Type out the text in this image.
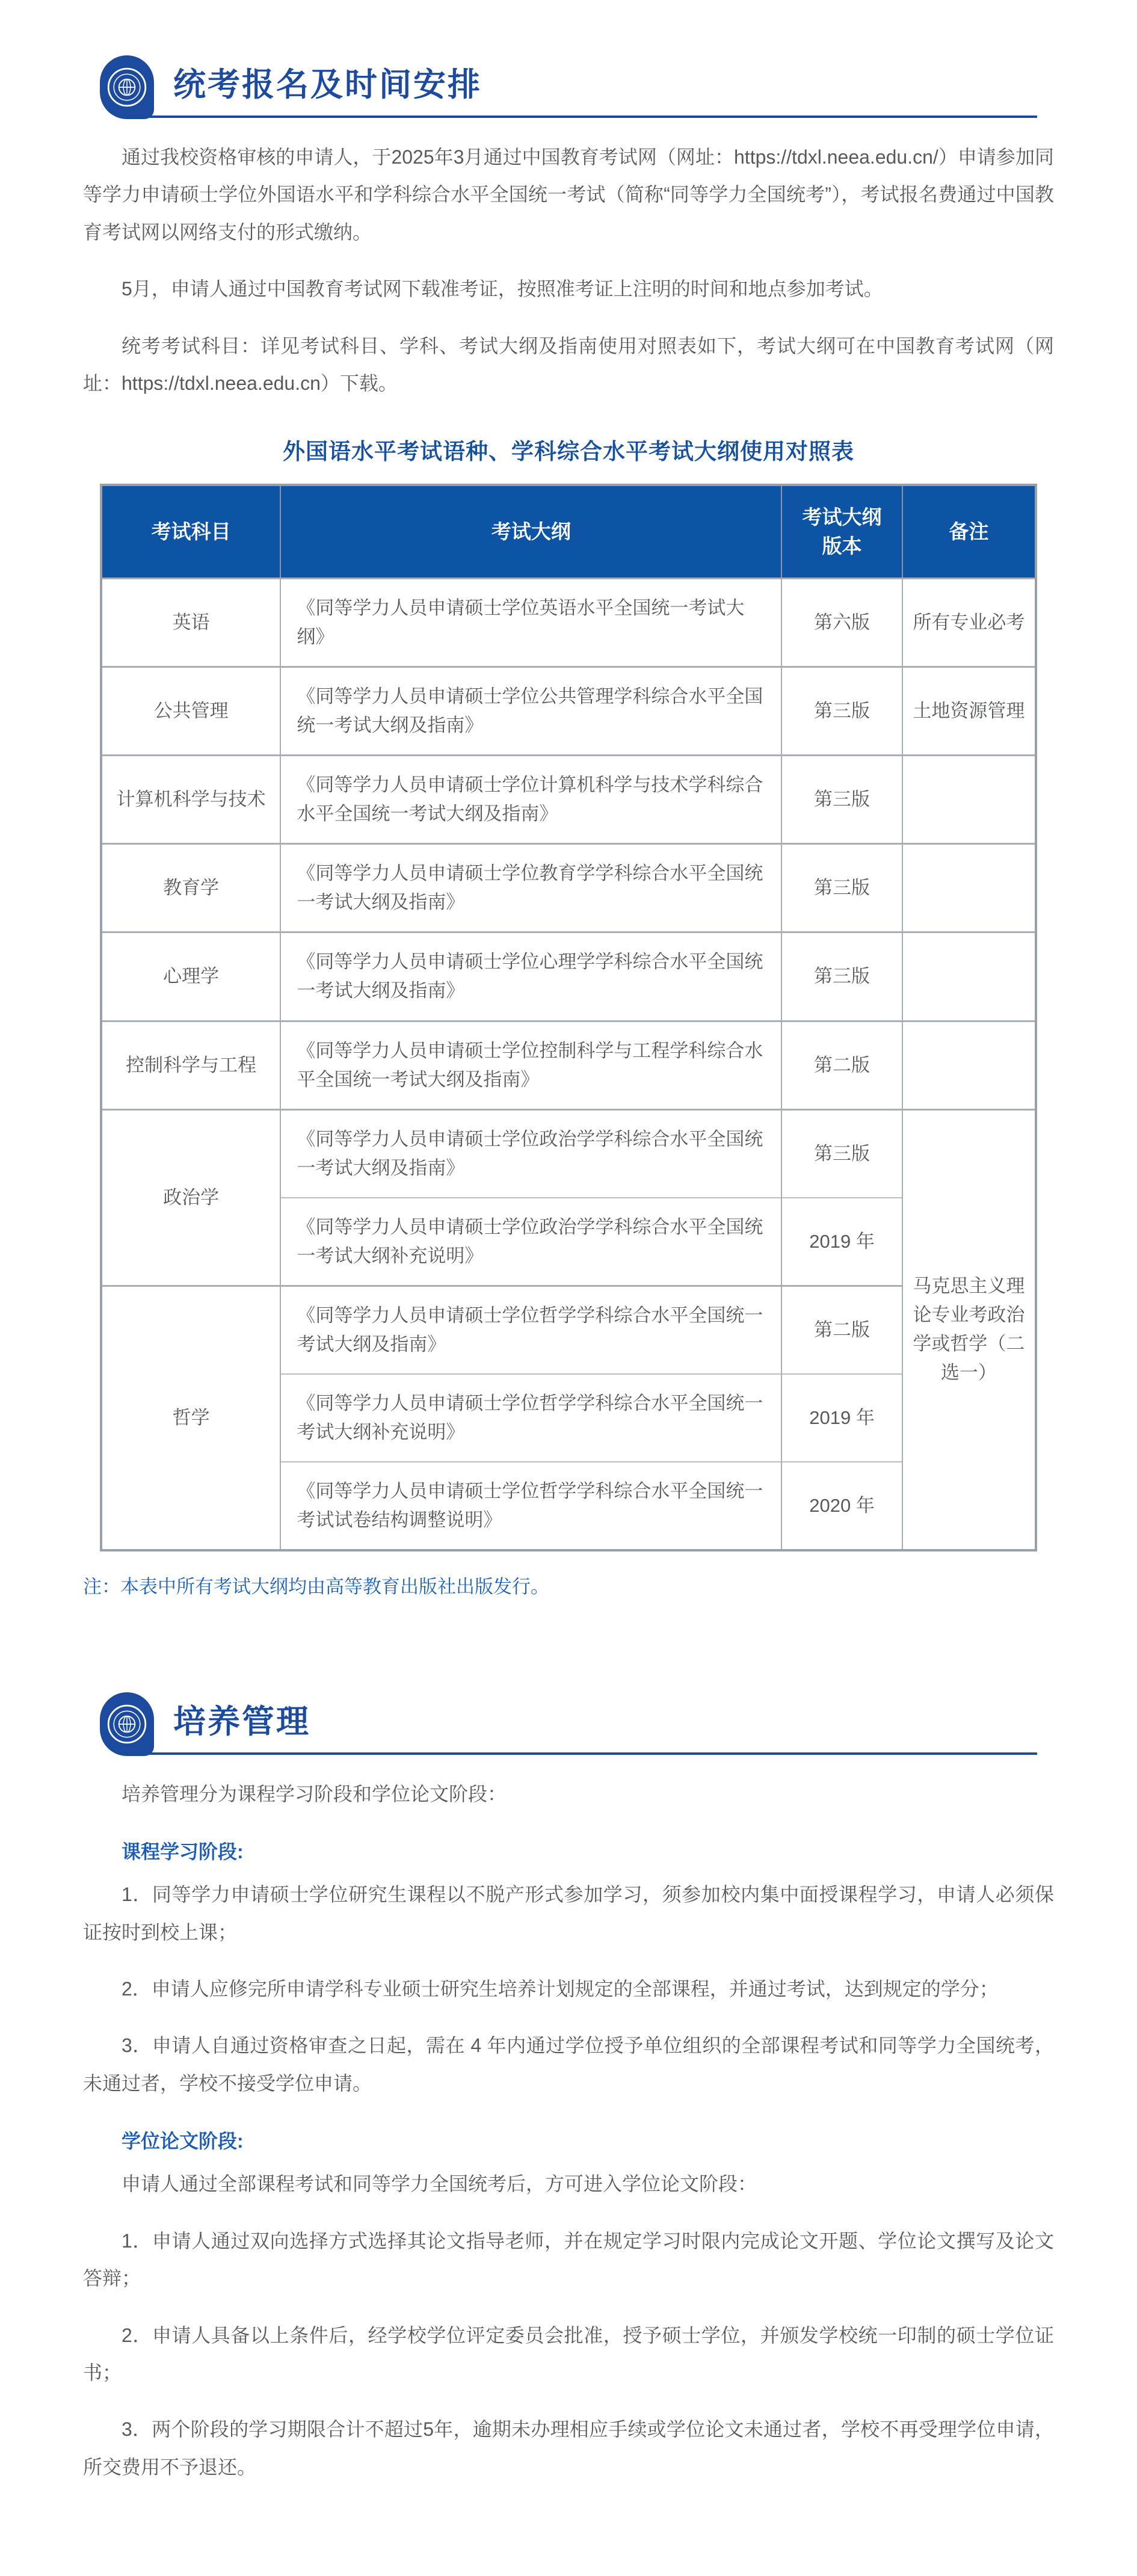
统考报名及时间安排

通过我校资格审核的申请人，于2025年3月通过中国教育考试网（网址：https://tdxl.neea.edu.cn/）申请参加同等学力申请硕士学位外国语水平和学科综合水平全国统一考试（简称“同等学力全国统考”），考试报名费通过中国教育考试网以网络支付的形式缴纳。

5月，申请人通过中国教育考试网下载准考证，按照准考证上注明的时间和地点参加考试。

统考考试科目：详见考试科目、学科、考试大纲及指南使用对照表如下，考试大纲可在中国教育考试网（网址：https://tdxl.neea.edu.cn）下载。

外国语水平考试语种、学科综合水平考试大纲使用对照表
考试科目	考试大纲	考试大纲版本	备注
英语	《同等学力人员申请硕士学位英语水平全国统一考试大纲》	第六版	所有专业必考
公共管理	《同等学力人员申请硕士学位公共管理学科综合水平全国统一考试大纲及指南》	第三版	土地资源管理
计算机科学与技术	《同等学力人员申请硕士学位计算机科学与技术学科综合水平全国统一考试大纲及指南》	第三版	
教育学	《同等学力人员申请硕士学位教育学学科综合水平全国统一考试大纲及指南》	第三版	
心理学	《同等学力人员申请硕士学位心理学学科综合水平全国统一考试大纲及指南》	第三版	
控制科学与工程	《同等学力人员申请硕士学位控制科学与工程学科综合水平全国统一考试大纲及指南》	第二版	
政治学	《同等学力人员申请硕士学位政治学学科综合水平全国统一考试大纲及指南》	第三版	马克思主义理论专业考政治学或哲学（二选一）
	《同等学力人员申请硕士学位政治学学科综合水平全国统一考试大纲补充说明》	2019 年	
哲学	《同等学力人员申请硕士学位哲学学科综合水平全国统一考试大纲及指南》	第二版	
	《同等学力人员申请硕士学位哲学学科综合水平全国统一考试大纲补充说明》	2019 年	
	《同等学力人员申请硕士学位哲学学科综合水平全国统一考试试卷结构调整说明》	2020 年	

注：本表中所有考试大纲均由高等教育出版社出版发行。

培养管理

培养管理分为课程学习阶段和学位论文阶段：

课程学习阶段:

1．同等学力申请硕士学位研究生课程以不脱产形式参加学习，须参加校内集中面授课程学习，申请人必须保证按时到校上课；

2．申请人应修完所申请学科专业硕士研究生培养计划规定的全部课程，并通过考试，达到规定的学分；

3．申请人自通过资格审查之日起，需在 4 年内通过学位授予单位组织的全部课程考试和同等学力全国统考，未通过者，学校不接受学位申请。

学位论文阶段:

申请人通过全部课程考试和同等学力全国统考后，方可进入学位论文阶段：

1．申请人通过双向选择方式选择其论文指导老师，并在规定学习时限内完成论文开题、学位论文撰写及论文答辩；

2．申请人具备以上条件后，经学校学位评定委员会批准，授予硕士学位，并颁发学校统一印制的硕士学位证书；

3．两个阶段的学习期限合计不超过5年，逾期未办理相应手续或学位论文未通过者，学校不再受理学位申请，所交费用不予退还。
